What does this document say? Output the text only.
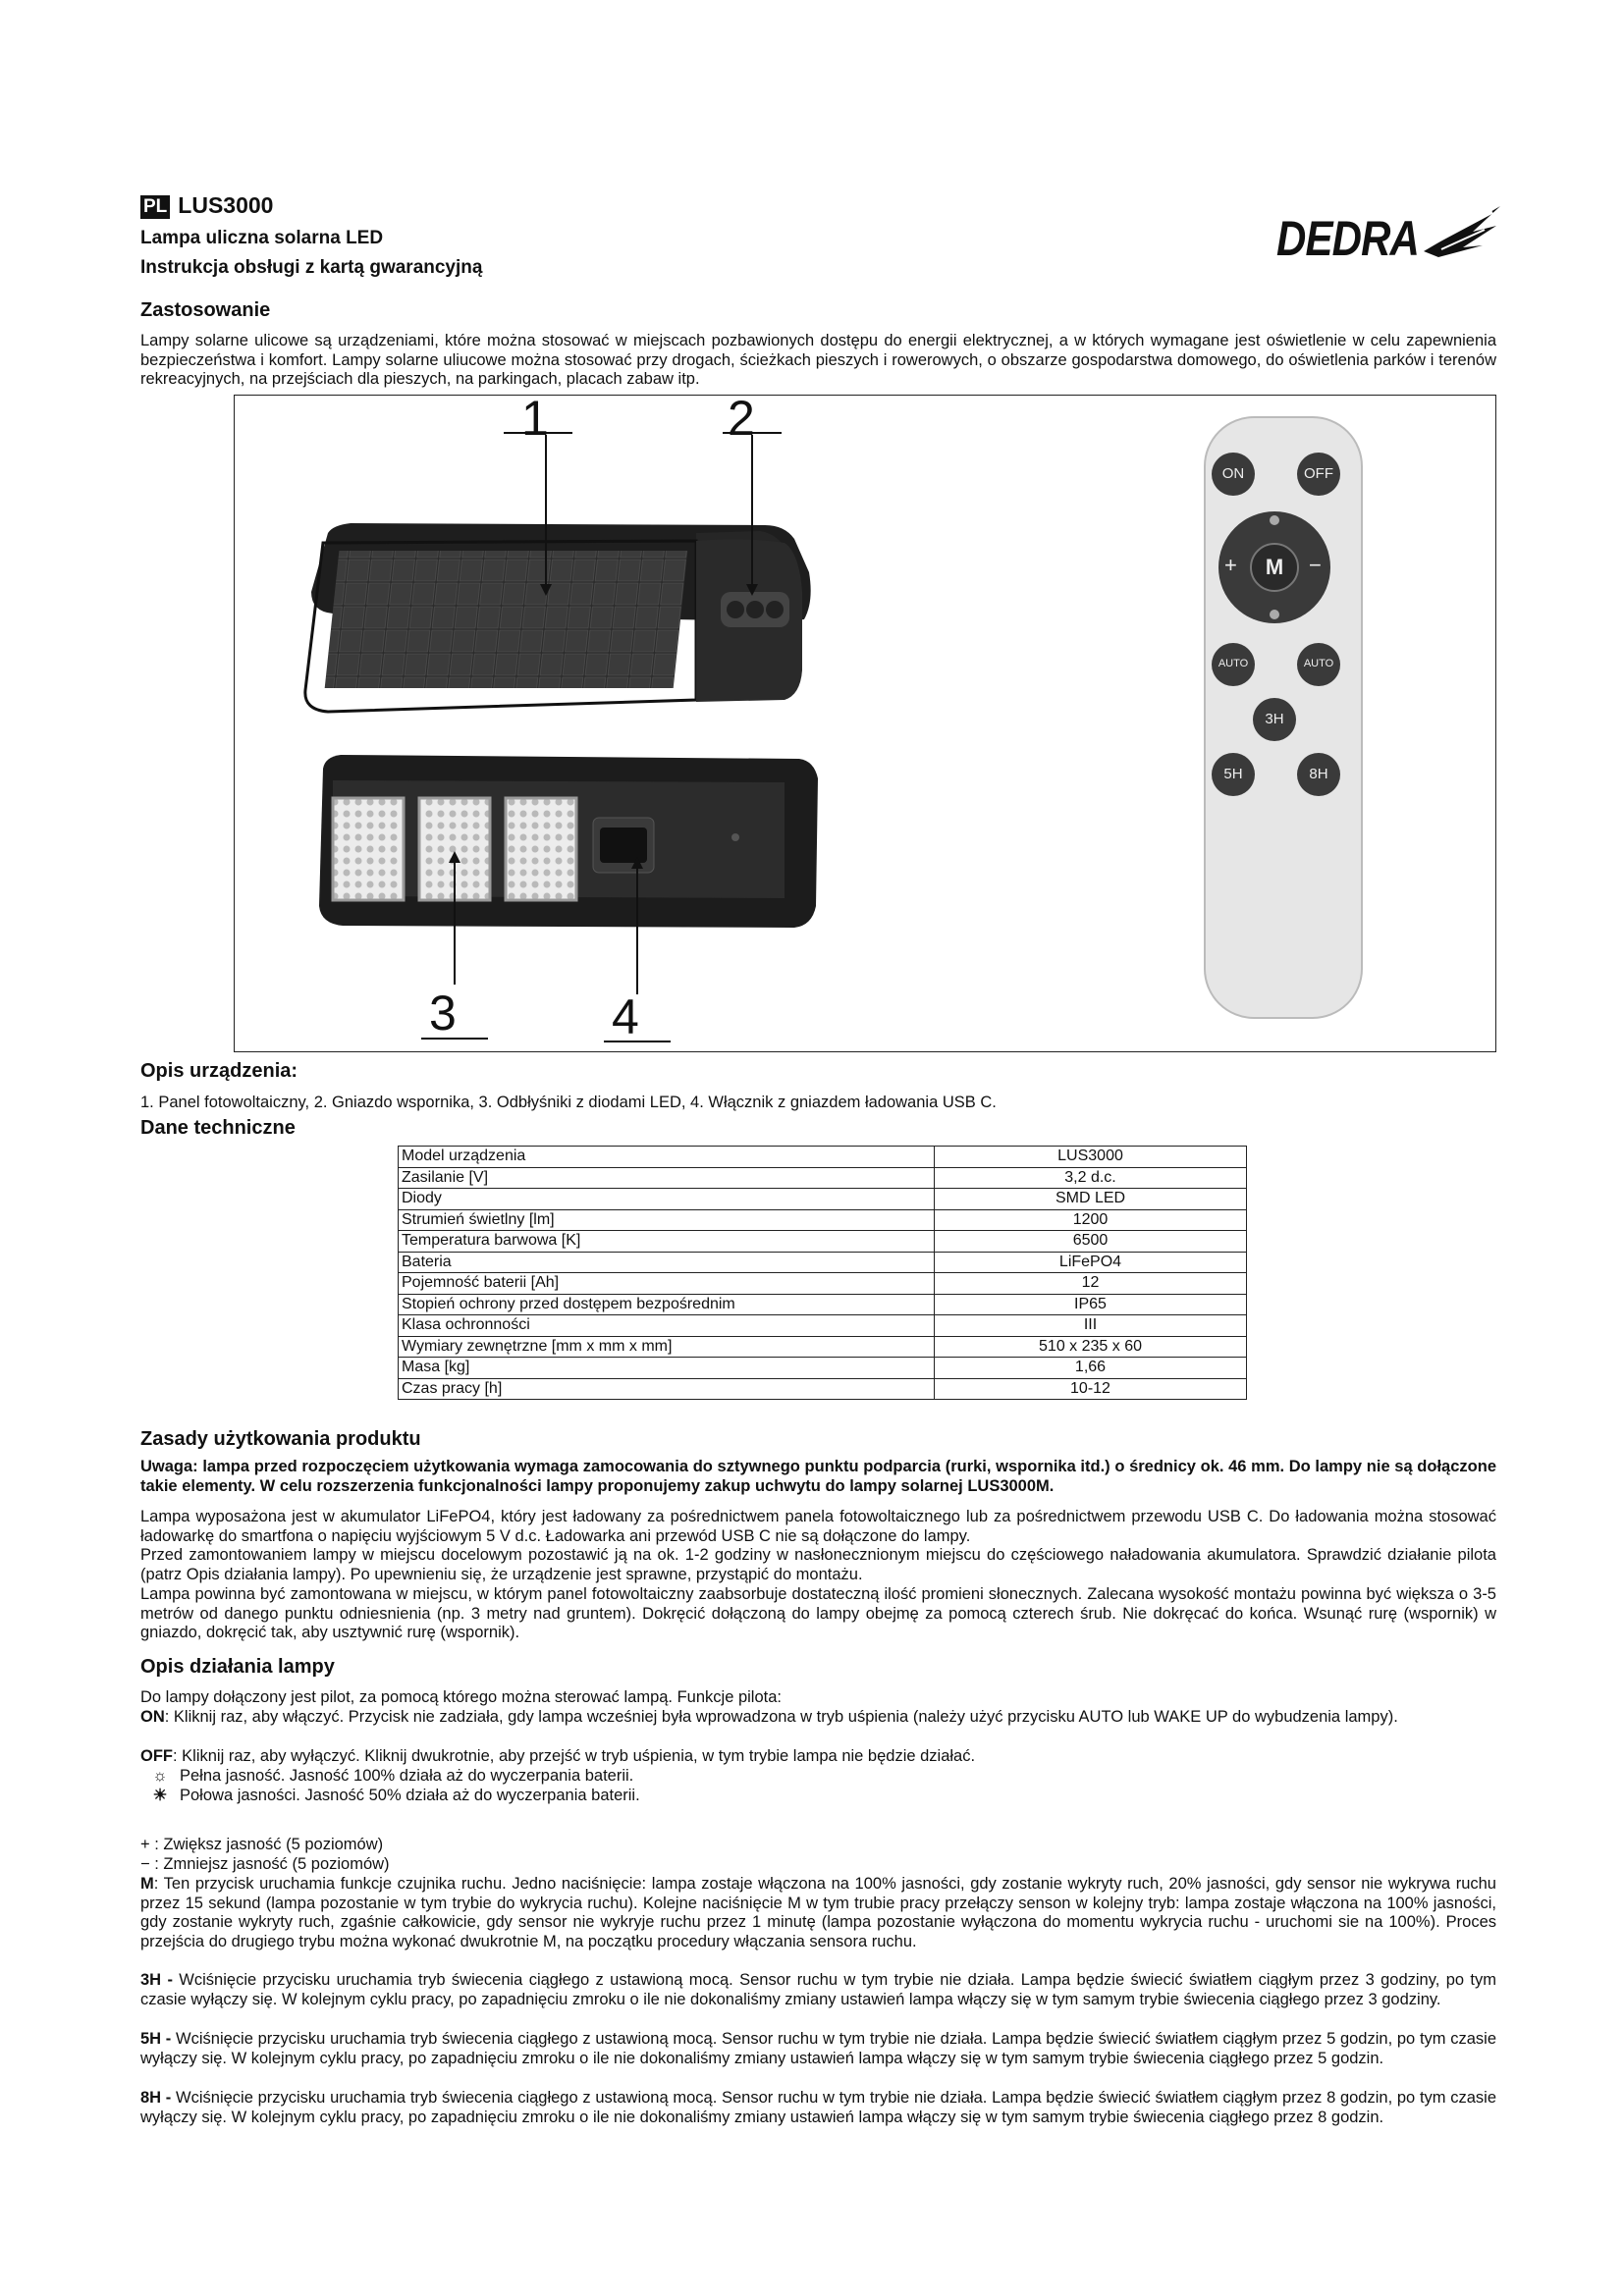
PL LUS3000
Lampa uliczna solarna LED
Instrukcja obsługi z kartą gwarancyjną
DEDRA
Zastosowanie
Lampy solarne ulicowe są urządzeniami, które można stosować w miejscach pozbawionych dostępu do energii elektrycznej, a w których wymagane jest oświetlenie w celu zapewnienia bezpieczeństwa i komfort. Lampy solarne uliucowe można stosować przy drogach, ścieżkach pieszych i rowerowych, o obszarze gospodarstwa domowego, do oświetlenia parków i terenów rekreacyjnych, na przejściach dla pieszych, na parkingach, placach zabaw itp.
1	2
3	4
ON	OFF
M
+	−
AUTO	AUTO
3H
5H	8H
Opis urządzenia:
1. Panel fotowoltaiczny, 2. Gniazdo wspornika, 3. Odbłyśniki z diodami LED, 4. Włącznik z gniazdem ładowania USB C.
Dane techniczne
Model urządzenia	LUS3000
Zasilanie [V]	3,2 d.c.
Diody	SMD LED
Strumień świetlny [lm]	1200
Temperatura barwowa [K]	6500
Bateria	LiFePO4
Pojemność baterii [Ah]	12
Stopień ochrony przed dostępem bezpośrednim	IP65
Klasa ochronności	III
Wymiary zewnętrzne [mm x mm x mm]	510 x 235 x 60
Masa [kg]	1,66
Czas pracy [h]	10-12
Zasady użytkowania produktu
Uwaga: lampa przed rozpoczęciem użytkowania wymaga zamocowania do sztywnego punktu podparcia (rurki, wspornika itd.) o średnicy ok. 46 mm. Do lampy nie są dołączone takie elementy. W celu rozszerzenia funkcjonalności lampy proponujemy zakup uchwytu do lampy solarnej LUS3000M.
Lampa wyposażona jest w akumulator LiFePO4, który jest ładowany za pośrednictwem panela fotowoltaicznego lub za pośrednictwem przewodu USB C. Do ładowania można stosować ładowarkę do smartfona o napięciu wyjściowym 5 V d.c. Ładowarka ani przewód USB C nie są dołączone do lampy.
Przed zamontowaniem lampy w miejscu docelowym pozostawić ją na ok. 1-2 godziny w nasłonecznionym miejscu do częściowego naładowania akumulatora. Sprawdzić działanie pilota (patrz Opis działania lampy). Po upewnieniu się, że urządzenie jest sprawne, przystąpić do montażu.
Lampa powinna być zamontowana w miejscu, w którym panel fotowoltaiczny zaabsorbuje dostateczną ilość promieni słonecznych. Zalecana wysokość montażu powinna być większa o 3-5 metrów od danego punktu odniesnienia (np. 3 metry nad gruntem). Dokręcić dołączoną do lampy obejmę za pomocą czterech śrub. Nie dokręcać do końca. Wsunąć rurę (wspornik) w gniazdo, dokręcić tak, aby usztywnić rurę (wspornik).
Opis działania lampy
Do lampy dołączony jest pilot, za pomocą którego można sterować lampą. Funkcje pilota:
ON: Kliknij raz, aby włączyć. Przycisk nie zadziała, gdy lampa wcześniej była wprowadzona w tryb uśpienia (należy użyć przycisku AUTO lub WAKE UP do wybudzenia lampy).
OFF: Kliknij raz, aby wyłączyć. Kliknij dwukrotnie, aby przejść w tryb uśpienia, w tym trybie lampa nie będzie działać.
☼ Pełna jasność. Jasność 100% działa aż do wyczerpania baterii.
☀ Połowa jasności. Jasność 50% działa aż do wyczerpania baterii.
+ : Zwiększ jasność (5 poziomów)
− : Zmniejsz jasność (5 poziomów)
M: Ten przycisk uruchamia funkcje czujnika ruchu. Jedno naciśnięcie: lampa zostaje włączona na 100% jasności, gdy zostanie wykryty ruch, 20% jasności, gdy sensor nie wykrywa ruchu przez 15 sekund (lampa pozostanie w tym trybie do wykrycia ruchu). Kolejne naciśnięcie M w tym trubie pracy przełączy senson w kolejny tryb: lampa zostaje włączona na 100% jasności, gdy zostanie wykryty ruch, zgaśnie całkowicie, gdy sensor nie wykryje ruchu przez 1 minutę (lampa pozostanie wyłączona do momentu wykrycia ruchu - uruchomi sie na 100%). Proces przejścia do drugiego trybu można wykonać dwukrotnie M, na początku procedury włączania sensora ruchu.
3H - Wciśnięcie przycisku uruchamia tryb świecenia ciągłego z ustawioną mocą. Sensor ruchu w tym trybie nie działa. Lampa będzie świecić światłem ciągłym przez 3 godziny, po tym czasie wyłączy się. W kolejnym cyklu pracy, po zapadnięciu zmroku o ile nie dokonaliśmy zmiany ustawień lampa włączy się w tym samym trybie świecenia ciągłego przez 3 godziny.
5H - Wciśnięcie przycisku uruchamia tryb świecenia ciągłego z ustawioną mocą. Sensor ruchu w tym trybie nie działa. Lampa będzie świecić światłem ciągłym przez 5 godzin, po tym czasie wyłączy się. W kolejnym cyklu pracy, po zapadnięciu zmroku o ile nie dokonaliśmy zmiany ustawień lampa włączy się w tym samym trybie świecenia ciągłego przez 5 godzin.
8H - Wciśnięcie przycisku uruchamia tryb świecenia ciągłego z ustawioną mocą. Sensor ruchu w tym trybie nie działa. Lampa będzie świecić światłem ciągłym przez 8 godzin, po tym czasie wyłączy się. W kolejnym cyklu pracy, po zapadnięciu zmroku o ile nie dokonaliśmy zmiany ustawień lampa włączy się w tym samym trybie świecenia ciągłego przez 8 godzin.
